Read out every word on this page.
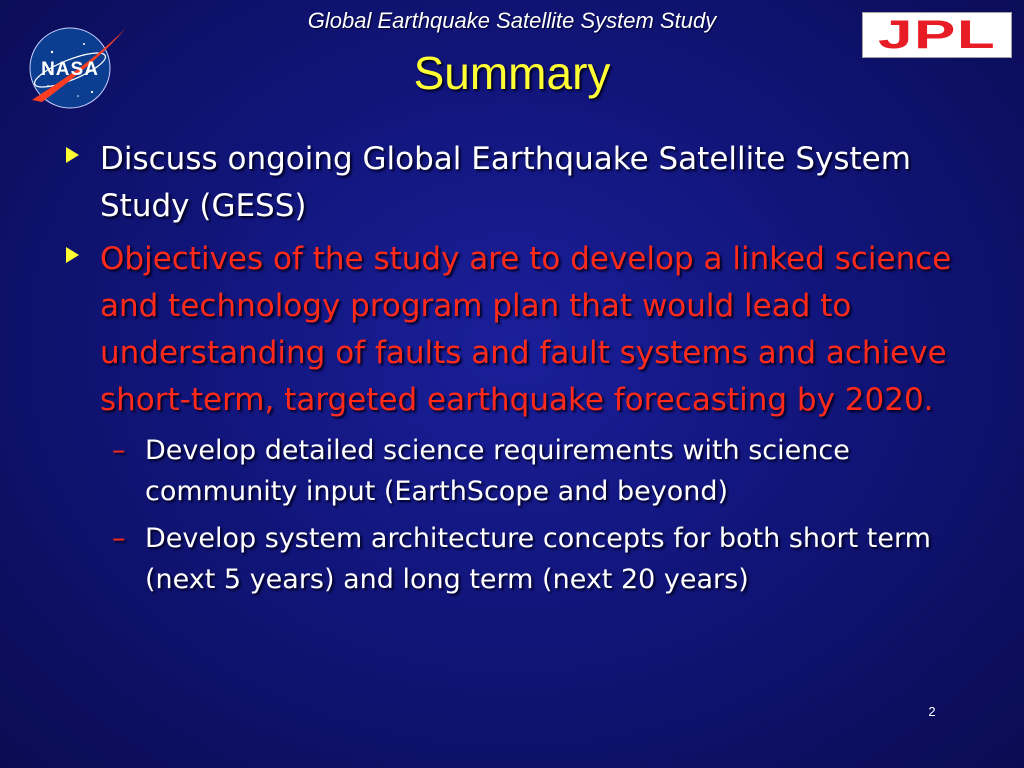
NASA
Global Earthquake Satellite System Study
Summary
JPL
Discuss ongoing Global Earthquake Satellite System Study (GESS)
Objectives of the study are to develop a linked science and technology program plan that would lead to understanding of faults and fault systems and achieve short-term, targeted earthquake forecasting by 2020.
– Develop detailed science requirements with science community input (EarthScope and beyond)
– Develop system architecture concepts for both short term (next 5 years) and long term (next 20 years)
2
